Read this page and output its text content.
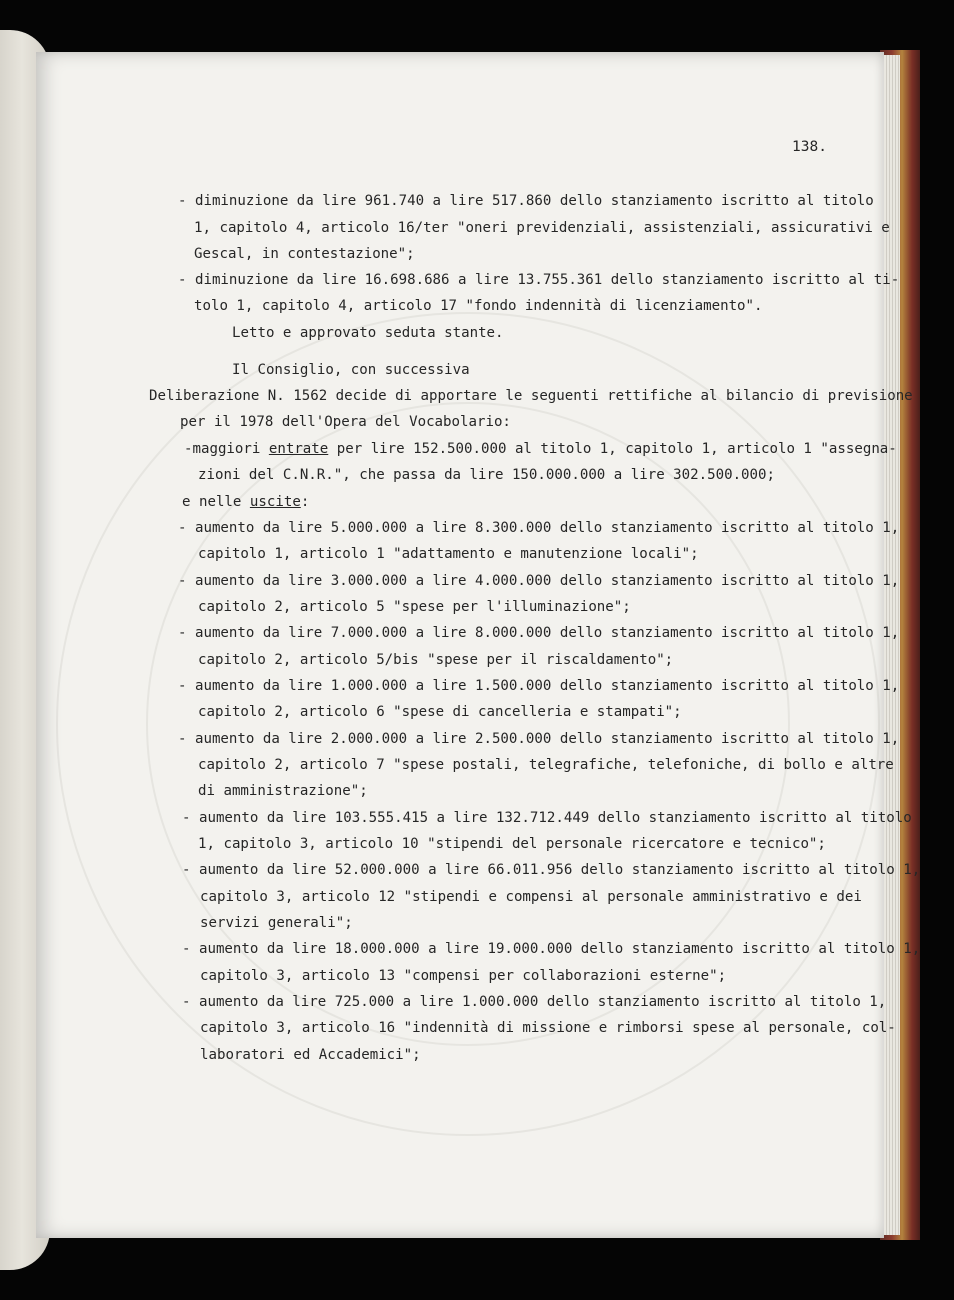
138.

- diminuzione da lire 961.740 a lire 517.860 dello stanziamento iscritto al titolo

1, capitolo 4, articolo 16/ter "oneri previdenziali, assistenziali, assicurativi e

Gescal, in contestazione";

- diminuzione da lire 16.698.686 a lire 13.755.361 dello stanziamento iscritto al ti-

tolo 1, capitolo 4, articolo 17 "fondo indennità di licenziamento".

Letto e approvato seduta stante.

Il Consiglio, con successiva

Deliberazione N. 1562 decide di apportare le seguenti rettifiche al bilancio di previsione

per il 1978 dell'Opera del Vocabolario:

-maggiori entrate per lire 152.500.000 al titolo 1, capitolo 1, articolo 1 "assegna-

zioni del C.N.R.", che passa da lire 150.000.000 a lire 302.500.000;

e nelle uscite:

- aumento da lire 5.000.000 a lire 8.300.000 dello stanziamento iscritto al titolo 1,

capitolo 1, articolo 1 "adattamento e manutenzione locali";

- aumento da lire 3.000.000 a lire 4.000.000 dello stanziamento iscritto al titolo 1,

capitolo 2, articolo 5 "spese per l'illuminazione";

- aumento da lire 7.000.000 a lire 8.000.000 dello stanziamento iscritto al titolo 1,

capitolo 2, articolo 5/bis "spese per il riscaldamento";

- aumento da lire 1.000.000 a lire 1.500.000 dello stanziamento iscritto al titolo 1,

capitolo 2, articolo 6 "spese di cancelleria e stampati";

- aumento da lire 2.000.000 a lire 2.500.000 dello stanziamento iscritto al titolo 1,

capitolo 2, articolo 7 "spese postali, telegrafiche, telefoniche, di bollo e altre

di amministrazione";

- aumento da lire 103.555.415 a lire 132.712.449 dello stanziamento iscritto al titolo

1, capitolo 3, articolo 10 "stipendi del personale ricercatore e tecnico";

- aumento da lire 52.000.000 a lire 66.011.956 dello stanziamento iscritto al titolo 1,

capitolo 3, articolo 12 "stipendi e compensi al personale amministrativo e dei

servizi generali";

- aumento da lire 18.000.000 a lire 19.000.000 dello stanziamento iscritto al titolo 1,

capitolo 3, articolo 13 "compensi per collaborazioni esterne";

- aumento da lire 725.000 a lire 1.000.000 dello stanziamento iscritto al titolo 1,

capitolo 3, articolo 16 "indennità di missione e rimborsi spese al personale, col-

laboratori ed Accademici";
